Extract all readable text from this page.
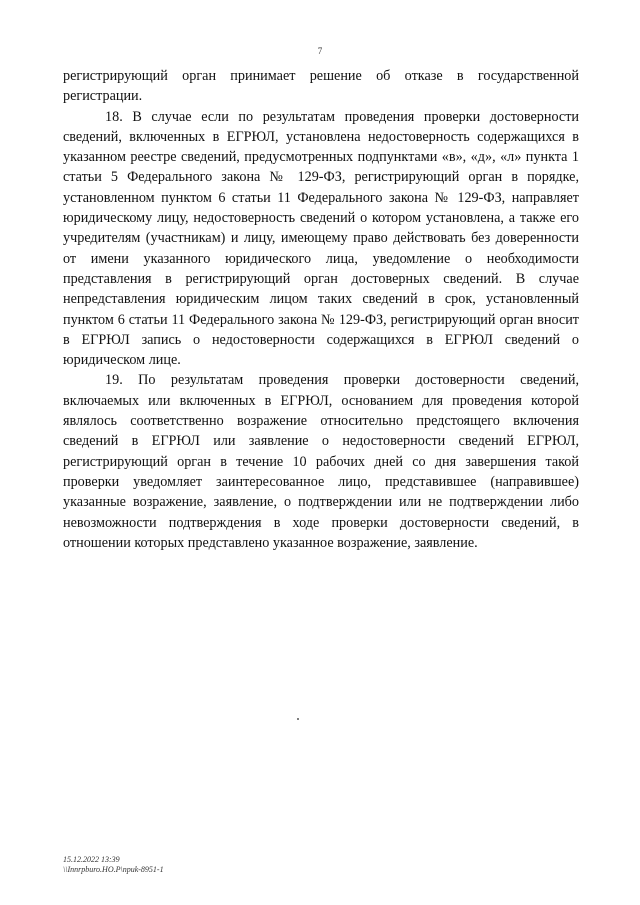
7

регистрирующий орган принимает решение об отказе в государственной регистрации.

18. В случае если по результатам проведения проверки достоверности сведений, включенных в ЕГРЮЛ, установлена недостоверность содержащихся в указанном реестре сведений, предусмотренных подпунктами «в», «д», «л» пункта 1 статьи 5 Федерального закона № 129-ФЗ, регистрирующий орган в порядке, установленном пунктом 6 статьи 11 Федерального закона № 129-ФЗ, направляет юридическому лицу, недостоверность сведений о котором установлена, а также его учредителям (участникам) и лицу, имеющему право действовать без доверенности от имени указанного юридического лица, уведомление о необходимости представления в регистрирующий орган достоверных сведений. В случае непредставления юридическим лицом таких сведений в срок, установленный пунктом 6 статьи 11 Федерального закона № 129-ФЗ, регистрирующий орган вносит в ЕГРЮЛ запись о недостоверности содержащихся в ЕГРЮЛ сведений о юридическом лице.

19. По результатам проведения проверки достоверности сведений, включаемых или включенных в ЕГРЮЛ, основанием для проведения которой являлось соответственно возражение относительно предстоящего включения сведений в ЕГРЮЛ или заявление о недостоверности сведений ЕГРЮЛ, регистрирующий орган в течение 10 рабочих дней со дня завершения такой проверки уведомляет заинтересованное лицо, представившее (направившее) указанные возражение, заявление, о подтверждении или не подтверждении либо невозможности подтверждения в ходе проверки достоверности сведений, в отношении которых представлено указанное возражение, заявление.

15.12.2022 13:39
\\Innrpburo.НО.Р\приk-8951-1
